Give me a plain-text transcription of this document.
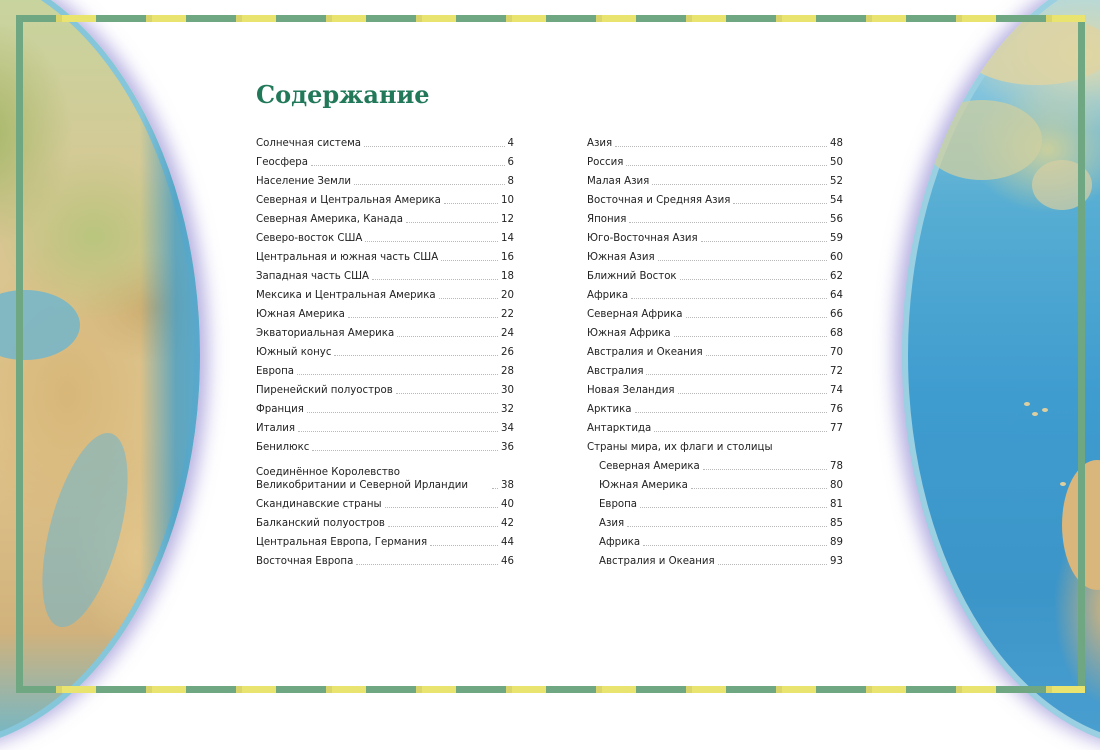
Содержание
Солнечная система	4
Геосфера	6
Население Земли	8
Северная и Центральная Америка	10
Северная Америка, Канада	12
Северо-восток США	14
Центральная и южная часть США	16
Западная часть США	18
Мексика и Центральная Америка	20
Южная Америка	22
Экваториальная Америка	24
Южный конус	26
Европа	28
Пиренейский полуостров	30
Франция	32
Италия	34
Бенилюкс	36
Соединённое Королевство Великобритании и Северной Ирландии	38
Скандинавские страны	40
Балканский полуостров	42
Центральная Европа, Германия	44
Восточная Европа	46
Азия	48
Россия	50
Малая Азия	52
Восточная и Средняя Азия	54
Япония	56
Юго-Восточная Азия	59
Южная Азия	60
Ближний Восток	62
Африка	64
Северная Африка	66
Южная Африка	68
Австралия и Океания	70
Австралия	72
Новая Зеландия	74
Арктика	76
Антарктида	77
Страны мира, их флаги и столицы
Северная Америка	78
Южная Америка	80
Европа	81
Азия	85
Африка	89
Австралия и Океания	93
